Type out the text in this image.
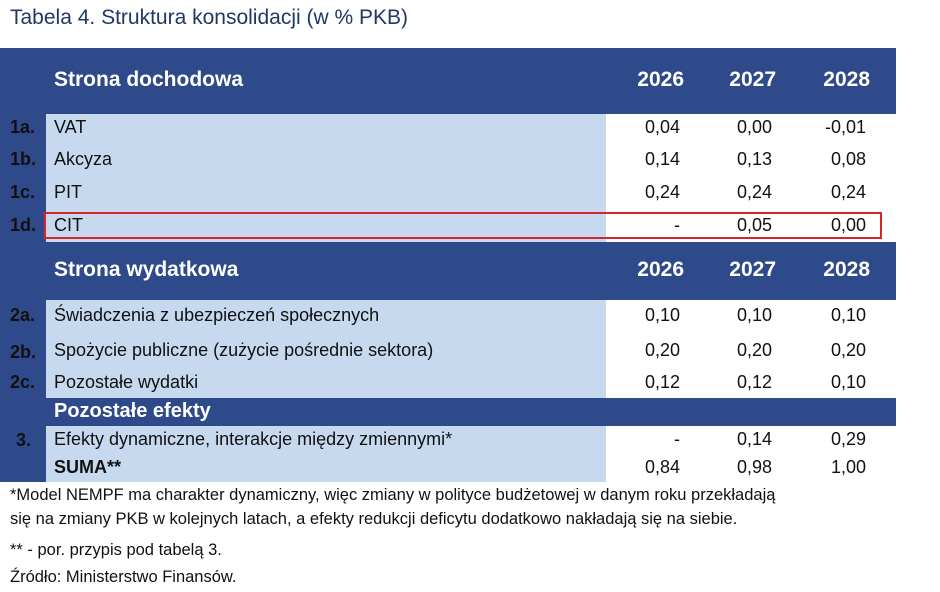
Tabela 4. Struktura konsolidacji (w % PKB)
Strona dochodowa	2026	2027	2028
1a. VAT	0,04	0,00	-0,01
1b. Akcyza	0,14	0,13	0,08
1c. PIT	0,24	0,24	0,24
1d. CIT	-	0,05	0,00
Strona wydatkowa	2026	2027	2028
2a. Świadczenia z ubezpieczeń społecznych	0,10	0,10	0,10
2b. Spożycie publiczne (zużycie pośrednie sektora)	0,20	0,20	0,20
2c. Pozostałe wydatki	0,12	0,12	0,10
Pozostałe efekty
3. Efekty dynamiczne, interakcje między zmiennymi*	-	0,14	0,29
SUMA**	0,84	0,98	1,00
*Model NEMPF ma charakter dynamiczny, więc zmiany w polityce budżetowej w danym roku przekładają
się na zmiany PKB w kolejnych latach, a efekty redukcji deficytu dodatkowo nakładają się na siebie.
** - por. przypis pod tabelą 3.
Źródło: Ministerstwo Finansów.
